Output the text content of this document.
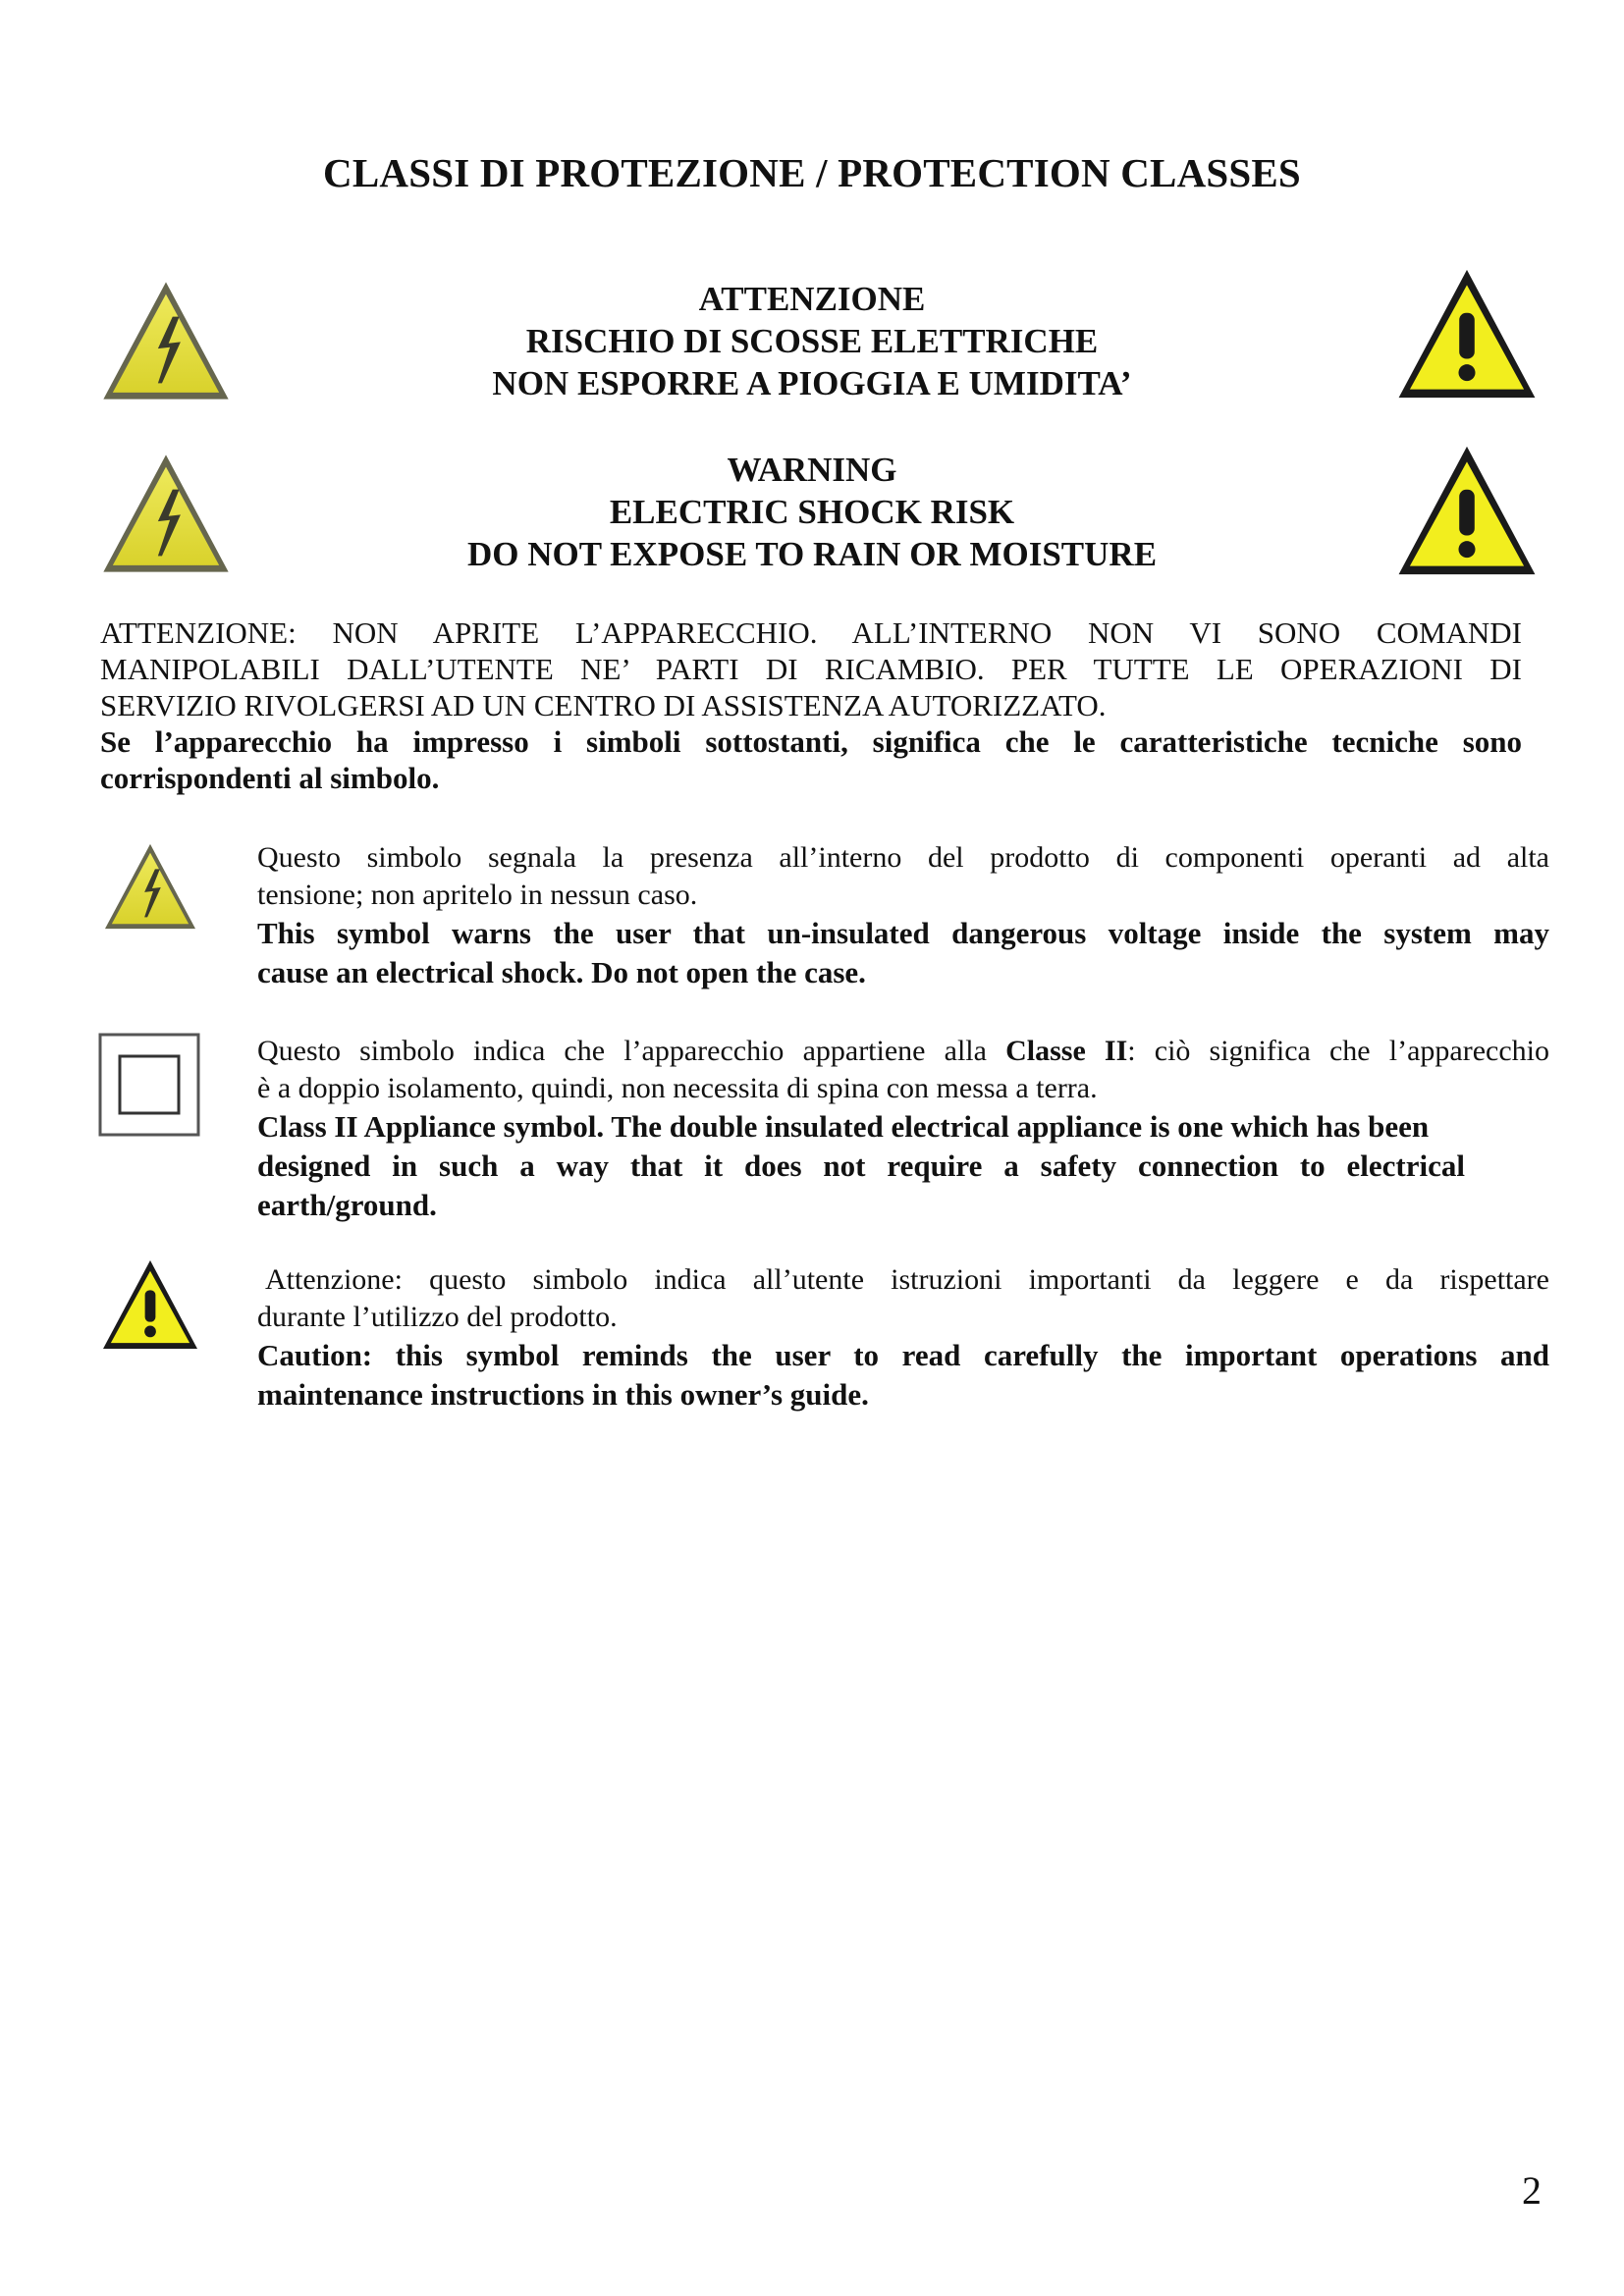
CLASSI DI PROTEZIONE / PROTECTION CLASSES
ATTENZIONE
RISCHIO DI SCOSSE ELETTRICHE
NON ESPORRE A PIOGGIA E UMIDITA’
WARNING
ELECTRIC SHOCK RISK
DO NOT EXPOSE TO RAIN OR MOISTURE
ATTENZIONE: NON APRITE L’APPARECCHIO. ALL’INTERNO NON VI SONO COMANDI
MANIPOLABILI DALL’UTENTE NE’ PARTI DI RICAMBIO. PER TUTTE LE OPERAZIONI DI
SERVIZIO RIVOLGERSI AD UN CENTRO DI ASSISTENZA AUTORIZZATO.
Se l’apparecchio ha impresso i simboli sottostanti, significa che le caratteristiche tecniche sono
corrispondenti al simbolo.
Questo simbolo segnala la presenza all’interno del prodotto di componenti operanti ad alta
tensione; non apritelo in nessun caso.
This symbol warns the user that un-insulated dangerous voltage inside the system may
cause an electrical shock. Do not open the case.
Questo simbolo indica che l’apparecchio appartiene alla Classe II: ciò significa che l’apparecchio
è a doppio isolamento, quindi, non necessita di spina con messa a terra.
Class II Appliance symbol. The double insulated electrical appliance is one which has been
designed in such a way that it does not require a safety connection to electrical
earth/ground.
Attenzione: questo simbolo indica all’utente istruzioni importanti da leggere e da rispettare
durante l’utilizzo del prodotto.
Caution: this symbol reminds the user to read carefully the important operations and
maintenance instructions in this owner’s guide.
2
